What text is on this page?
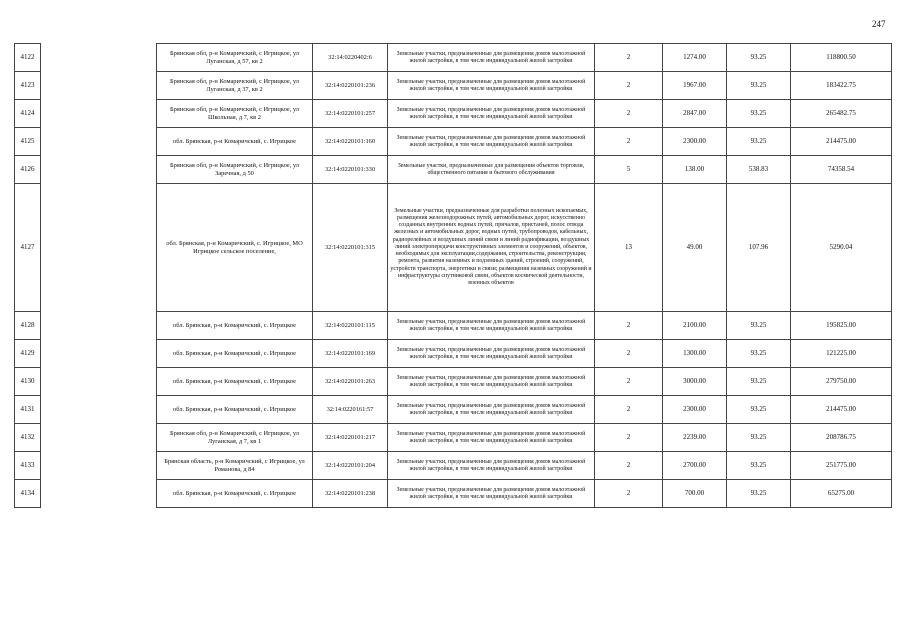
247
4122		Брянская обл, р-н Комаричский, с Игрицкое, ул Луганская, д 57, кв 2	32:14:0220402:6	Земельные участки, предназначенные для размещения домов малоэтажной жилой застройки, в том числе индивидуальной жилой застройки	2	1274.00	93.25	118800.50
4123		Брянская обл, р-н Комаричский, с Игрицкое, ул Луганская, д 37, кв 2	32:14:0220101:236	Земельные участки, предназначенные для размещения домов малоэтажной жилой застройки, в том числе индивидуальной жилой застройки	2	1967.00	93.25	183422.75
4124		Брянская обл, р-н Комаричский, с Игрицкое, ул Школьная, д 7, кв 2	32:14:0220101:257	Земельные участки, предназначенные для размещения домов малоэтажной жилой застройки, в том числе индивидуальной жилой застройки	2	2847.00	93.25	265482.75
4125		обл. Брянская, р-н Комаричский, с. Игрицкое	32:14:0220101:160	Земельные участки, предназначенные для размещения домов малоэтажной жилой застройки, в том числе индивидуальной жилой застройки	2	2300.00	93.25	214475.00
4126		Брянская обл, р-н Комаричский, с Игрицкое, ул Заречная, д 50	32:14:0220101:330	Земельные участки, предназначенные для размещения объектов торговли, общественного питания и бытового обслуживания	5	138.00	538.83	74358.54
4127		обл. Брянская, р-н Комаричский, с. Игрицкое, МО Игрицкое сельское поселение,	32:14:0220101:315	Земельные участки, предназначенные для разработки полезных ископаемых, размещения железнодорожных путей, автомобильных дорог, искусственно созданных внутренних водных путей, причалов, пристаней, полос отвода железных и автомобильных дорог, водных путей, трубопроводов, кабельных, радиорелейных и воздушных линий связи и линий радиофикации, воздушных линий электропередачи конструктивных элементов и сооружений, объектов, необходимых для эксплуатации,содержания, строительства, реконструкции, ремонта, развития наземных и подземных зданий, строений, сооружений, устройств транспорта, энергетики и связи; размещения наземных сооружений и инфраструктуры спутниковой связи, объектов космической деятельности, военных объектов	13	49.00	107.96	5290.04
4128		обл. Брянская, р-н Комаричский, с. Игрицкое	32:14:0220101:115	Земельные участки, предназначенные для размещения домов малоэтажной жилой застройки, в том числе индивидуальной жилой застройки	2	2100.00	93.25	195825.00
4129		обл. Брянская, р-н Комаричский, с. Игрицкое	32:14:0220101:169	Земельные участки, предназначенные для размещения домов малоэтажной жилой застройки, в том числе индивидуальной жилой застройки	2	1300.00	93.25	121225.00
4130		обл. Брянская, р-н Комаричский, с. Игрицкое	32:14:0220101:263	Земельные участки, предназначенные для размещения домов малоэтажной жилой застройки, в том числе индивидуальной жилой застройки	2	3000.00	93.25	279750.00
4131		обл. Брянская, р-н Комаричский, с. Игрицкое	32:14:0220161:57	Земельные участки, предназначенные для размещения домов малоэтажной жилой застройки, в том числе индивидуальной жилой застройки	2	2300.00	93.25	214475.00
4132		Брянская обл, р-н Комаричский, с Игрицкое, ул Луганская, д 7, кв 1	32:14:0220101:217	Земельные участки, предназначенные для размещения домов малоэтажной жилой застройки, в том числе индивидуальной жилой застройки	2	2239.00	93.25	208786.75
4133		Брянская область, р-н Комаричский, с Игрицкое, ул Романова, д 84	32:14:0220101:204	Земельные участки, предназначенные для размещения домов малоэтажной жилой застройки, в том числе индивидуальной жилой застройки	2	2700.00	93.25	251775.00
4134		обл. Брянская, р-н Комаричский, с. Игрицкое	32:14:0220101:238	Земельные участки, предназначенные для размещения домов малоэтажной жилой застройки, в том числе индивидуальной жилой застройки	2	700.00	93.25	65275.00
